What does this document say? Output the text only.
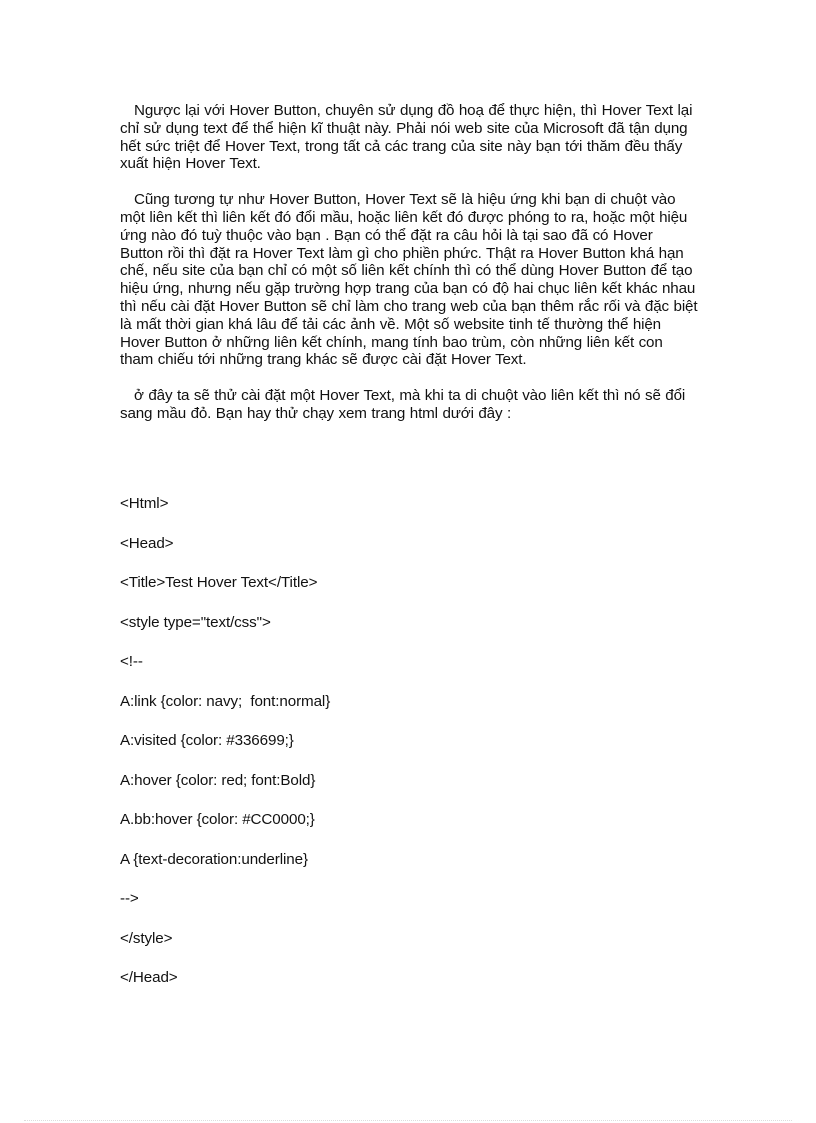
Ngược lại với Hover Button, chuyên sử dụng đồ hoạ để thực hiện, thì Hover Text lại chỉ sử dụng text để thể hiện kĩ thuật này. Phải nói web site của Microsoft đã tận dụng hết sức triệt để Hover Text, trong tất cả các trang của site này bạn tới thăm đều thấy xuất hiện Hover Text.

Cũng tương tự như Hover Button, Hover Text sẽ là hiệu ứng khi bạn di chuột vào một liên kết thì liên kết đó đổi mầu, hoặc liên kết đó được phóng to ra, hoặc một hiệu ứng nào đó tuỳ thuộc vào bạn . Bạn có thể đặt ra câu hỏi là tại sao đã có Hover Button rồi thì đặt ra Hover Text làm gì cho phiền phức. Thật ra Hover Button khá hạn chế, nếu site của bạn chỉ có một số liên kết chính thì có thể dùng Hover Button để tạo hiệu ứng, nhưng nếu gặp trường hợp trang của bạn có độ hai chục liên kết khác nhau thì nếu cài đặt Hover Button sẽ chỉ làm cho trang web của bạn thêm rắc rối và đặc biệt là mất thời gian khá lâu để tải các ảnh về. Một số website tinh tế thường thể hiện Hover Button ở những liên kết chính, mang tính bao trùm, còn những liên kết con tham chiếu tới những trang khác sẽ được cài đặt Hover Text.

ở đây ta sẽ thử cài đặt một Hover Text, mà khi ta di chuột vào liên kết thì nó sẽ đổi sang mầu đỏ. Bạn hay thử chạy xem trang html dưới đây :

<Html>

<Head>

<Title>Test Hover Text</Title>

<style type="text/css">

<!--

A:link {color: navy;  font:normal}

A:visited {color: #336699;}

A:hover {color: red; font:Bold}

A.bb:hover {color: #CC0000;}

A {text-decoration:underline}

-->

</style>

</Head>
